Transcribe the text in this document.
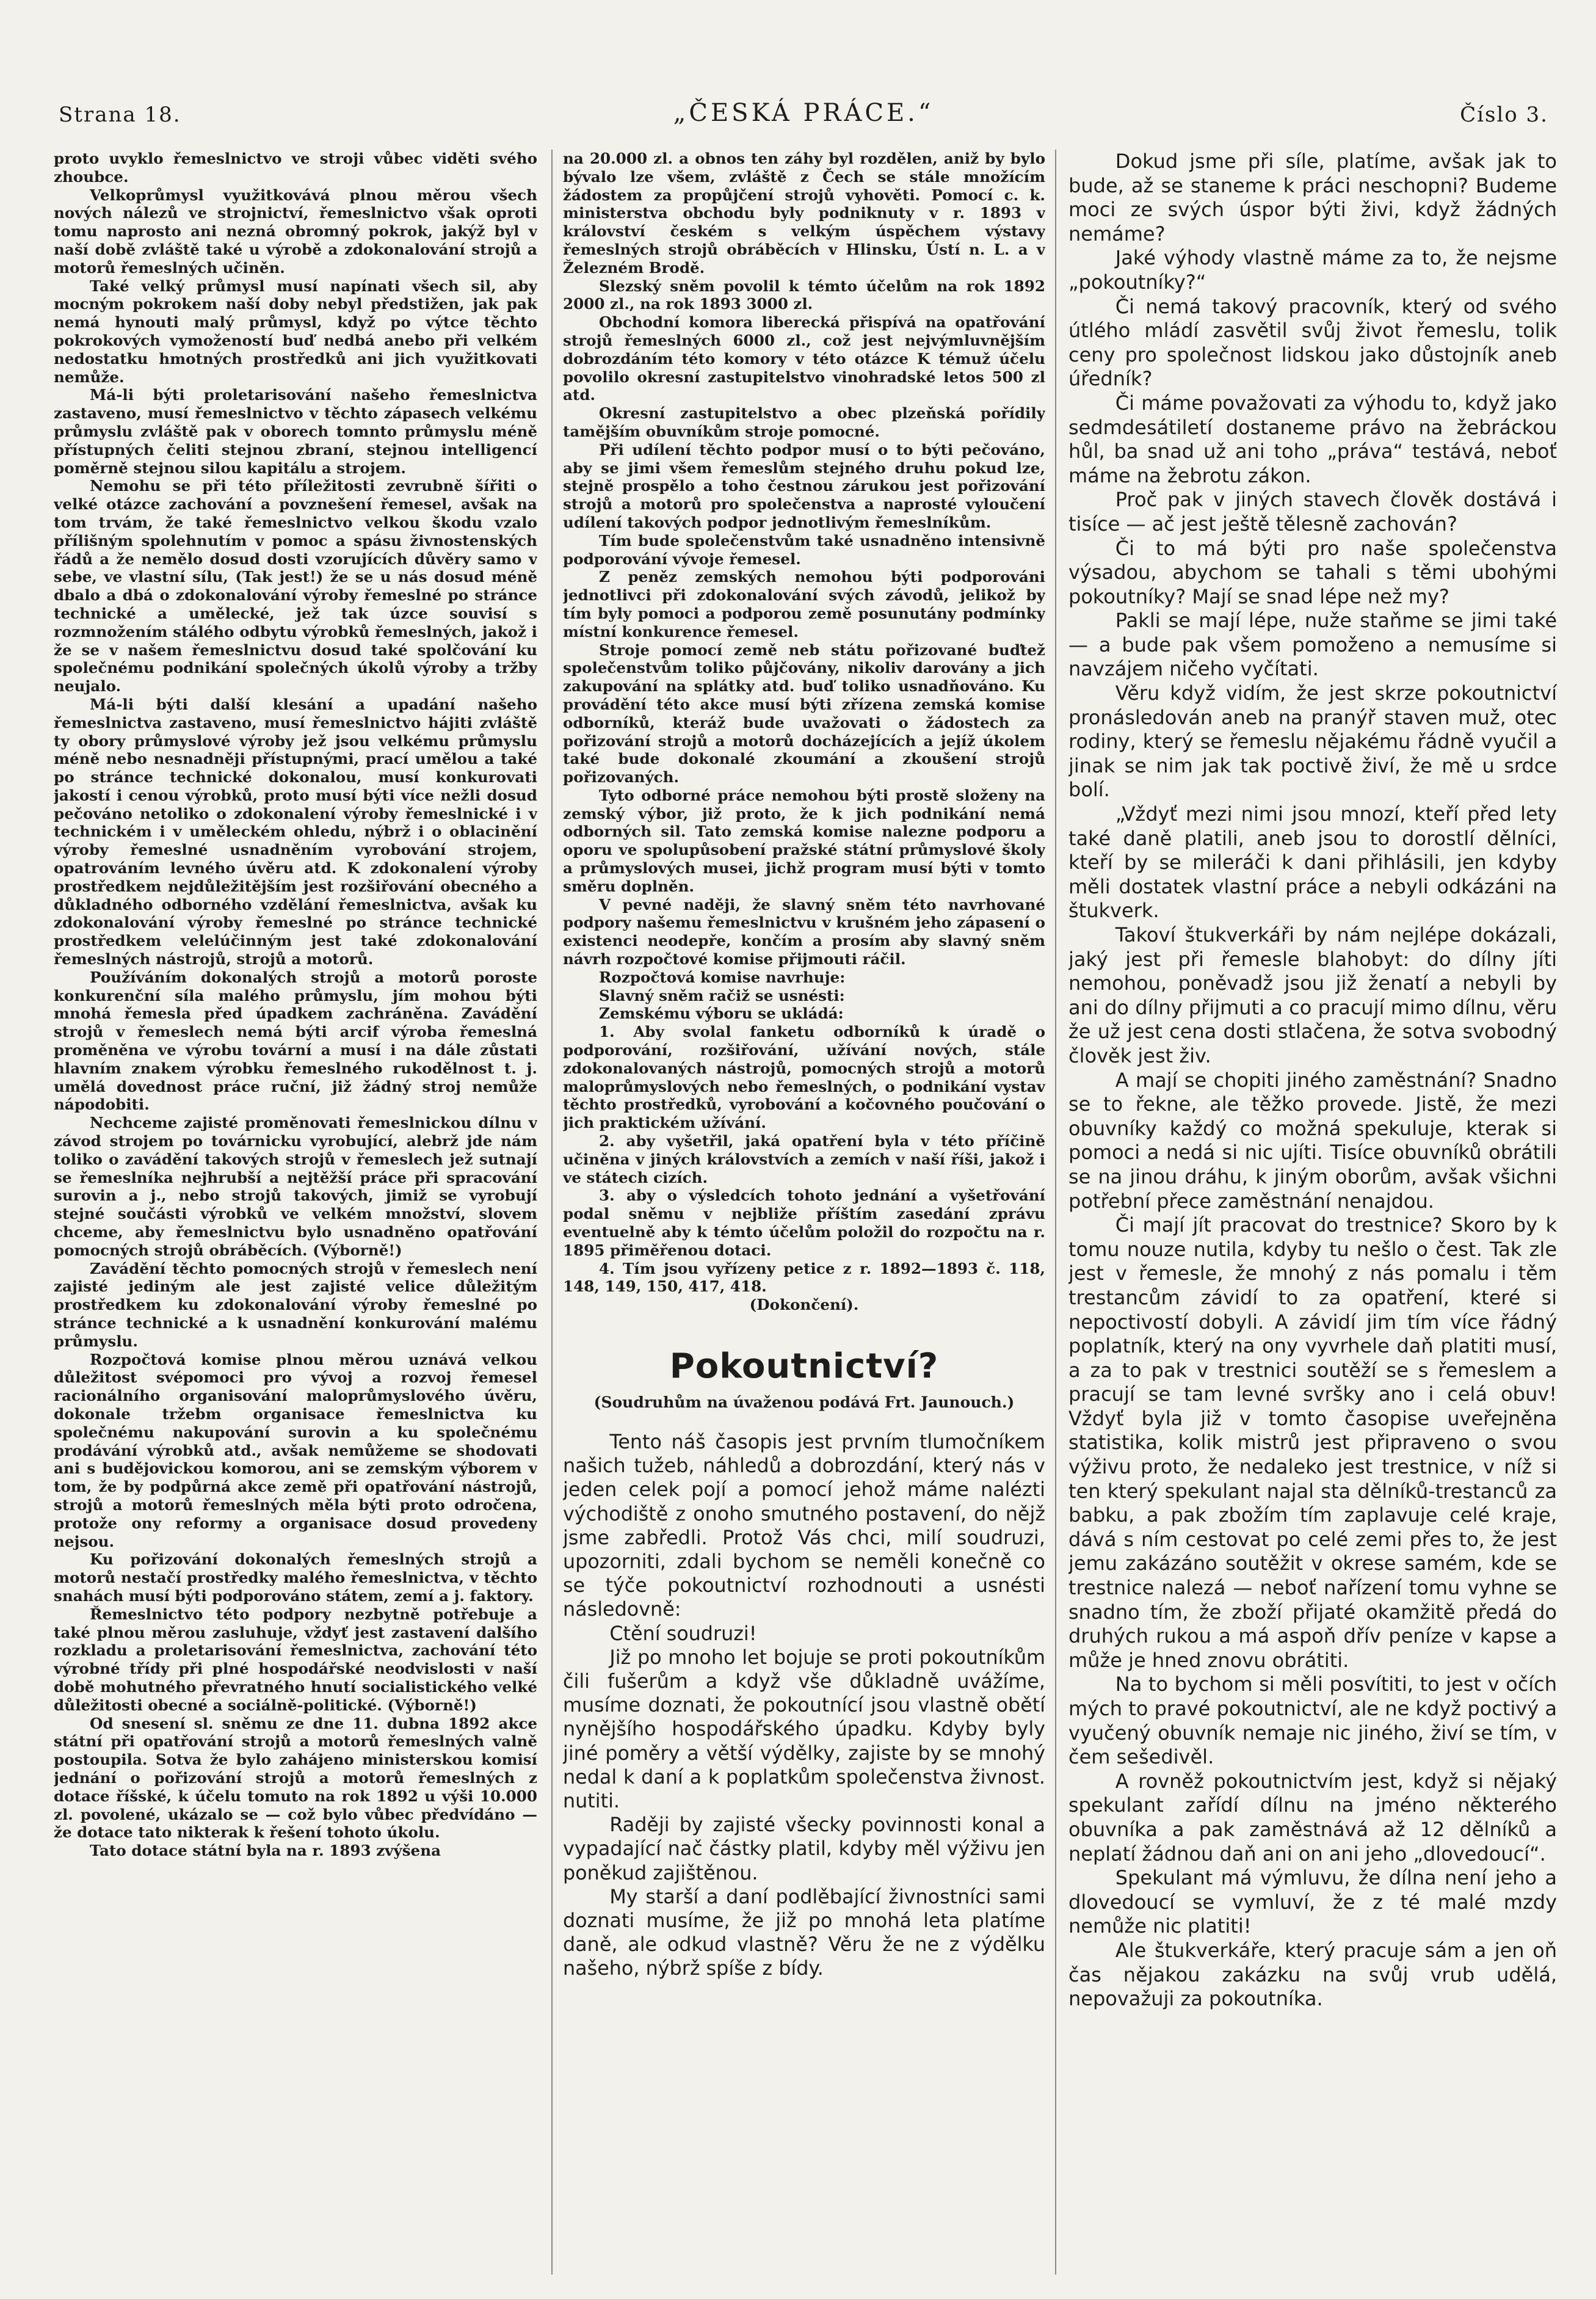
Strana 18.	„ČESKÁ PRÁCE.“	Číslo 3.

proto uvyklo řemeslnictvo ve stroji vůbec viděti svého zhoubce.

Velkoprůmysl využitkovává plnou měrou všech nových nálezů ve strojnictví, řemeslnictvo však oproti tomu naprosto ani nezná obromný pokrok, jakýž byl v naší době zvláště také u výrobě a zdokonalování strojů a motorů řemeslných učiněn.

Také velký průmysl musí napínati všech sil, aby mocným pokrokem naší doby nebyl předstižen, jak pak nemá hynouti malý průmysl, když po výtce těchto pokrokových vymožeností buď nedbá anebo při velkém nedostatku hmotných prostředků ani jich využitkovati nemůže.

Má-li býti proletarisování našeho řemeslnictva zastaveno, musí řemeslnictvo v těchto zápasech velkému průmyslu zvláště pak v oborech tomnto průmyslu méně přístupných čeliti stejnou zbraní, stejnou intelligencí poměrně stejnou silou kapitálu a strojem.

Nemohu se při této příležitosti zevrubně šířiti o velké otázce zachování a povznešení řemesel, avšak na tom trvám, že také řemeslnictvo velkou škodu vzalo přílišným spolehnutím v pomoc a spásu živnostenských řádů a že nemělo dosud dosti vzorujících důvěry samo v sebe, ve vlastní sílu, (Tak jest!) že se u nás dosud méně dbalo a dbá o zdokonalování výroby řemeslné po stránce technické a umělecké, jež tak úzce souvisí s rozmnožením stálého odbytu výrobků řemeslných, jakož i že se v našem řemeslnictvu dosud také spolčování ku společnému podnikání společných úkolů výroby a tržby neujalo.

Má-li býti další klesání a upadání našeho řemeslnictva zastaveno, musí řemeslnictvo hájiti zvláště ty obory průmyslové výroby jež jsou velkému průmyslu méně nebo nesnadněji přístupnými, prací umělou a také po stránce technické dokonalou, musí konkurovati jakostí i cenou výrobků, proto musí býti více nežli dosud pečováno netoliko o zdokonalení výroby řemeslnické i v technickém i v uměleckém ohledu, nýbrž i o oblacinění výroby řemeslné usnadněním vyrobování strojem, opatrováním levného úvěru atd. K zdokonalení výroby prostředkem nejdůležitějším jest rozšiřování obecného a důkladného odborného vzdělání řemeslnictva, avšak ku zdokonalování výroby řemeslné po stránce technické prostředkem velelúčinným jest také zdokonalování řemeslných nástrojů, strojů a motorů.

Používáním dokonalých strojů a motorů poroste konkurenční síla malého průmyslu, jím mohou býti mnohá řemesla před úpadkem zachráněna. Zavádění strojů v řemeslech nemá býti arcif výroba řemeslná proměněna ve výrobu tovární a musí i na dále zůstati hlavním znakem výrobku řemeslného rukodělnost t. j. umělá dovednost práce ruční, již žádný stroj nemůže nápodobiti.

Nechceme zajisté proměnovati řemeslnickou dílnu v závod strojem po továrnicku vyrobující, alebrž jde nám toliko o zavádění takových strojů v řemeslech jež sutnají se řemeslníka nejhrubší a nejtěžší práce při spracování surovin a j., nebo strojů takových, jimiž se vyrobují stejné součásti výrobků ve velkém množství, slovem chceme, aby řemeslnictvu bylo usnadněno opatřování pomocných strojů obráběcích. (Výborně!)

Zavádění těchto pomocných strojů v řemeslech není zajisté jediným ale jest zajisté velice důležitým prostředkem ku zdokonalování výroby řemeslné po stránce technické a k usnadnění konkurování malému průmyslu.

Rozpočtová komise plnou měrou uznává velkou důležitost svépomoci pro vývoj a rozvoj řemesel racionálního organisování maloprůmyslového úvěru, dokonale tržebm organisace řemeslnictva ku společnému nakupování surovin a ku společnému prodávání výrobků atd., avšak nemůžeme se shodovati ani s budějovickou komorou, ani se zemským výborem v tom, že by podpůrná akce země při opatřování nástrojů, strojů a motorů řemeslných měla býti proto odročena, protože ony reformy a organisace dosud provedeny nejsou.

Ku pořizování dokonalých řemeslných strojů a motorů nestačí prostředky malého řemeslnictva, v těchto snahách musí býti podporováno státem, zemí a j. faktory.

Řemeslnictvo této podpory nezbytně potřebuje a také plnou měrou zasluhuje, vždyť jest zastavení dalšího rozkladu a proletarisování řemeslnictva, zachování této výrobné třídy při plné hospodářské neodvislosti v naší době mohutného převratného hnutí socialistického velké důležitosti obecné a sociálně-politické. (Výborně!)

Od snesení sl. sněmu ze dne 11. dubna 1892 akce státní při opatřování strojů a motorů řemeslných valně postoupila. Sotva že bylo zahájeno ministerskou komisí jednání o pořizování strojů a motorů řemeslných z dotace říšské, k účelu tomuto na rok 1892 u výši 10.000 zl. povolené, ukázalo se — což bylo vůbec předvídáno — že dotace tato nikterak k řešení tohoto úkolu.

Tato dotace státní byla na r. 1893 zvýšena

na 20.000 zl. a obnos ten záhy byl rozdělen, aniž by bylo bývalo lze všem, zvláště z Čech se stále množícím žádostem za propůjčení strojů vyhověti. Pomocí c. k. ministerstva obchodu byly podniknuty v r. 1893 v království českém s velkým úspěchem výstavy řemeslných strojů obráběcích v Hlinsku, Ústí n. L. a v Železném Brodě.

Slezský sněm povolil k témto účelům na rok 1892 2000 zl., na rok 1893 3000 zl.

Obchodní komora liberecká přispívá na opatřování strojů řemeslných 6000 zl., což jest nejvýmluvnějším dobrozdáním této komory v této otázce K témuž účelu povolilo okresní zastupitelstvo vinohradské letos 500 zl atd.

Okresní zastupitelstvo a obec plzeňská pořídily tamějším obuvníkům stroje pomocné.

Při udílení těchto podpor musí o to býti pečováno, aby se jimi všem řemeslům stejného druhu pokud lze, stejně prospělo a toho čestnou zárukou jest pořizování strojů a motorů pro společenstva a naprosté vyloučení udílení takových podpor jednotlivým řemeslníkům.

Tím bude společenstvům také usnadněno intensivně podporování vývoje řemesel.

Z peněz zemských nemohou býti podporováni jednotlivci při zdokonalování svých závodů, jelikož by tím byly pomoci a podporou země posunutány podmínky místní konkurence řemesel.

Stroje pomocí země neb státu pořizované buďtež společenstvům toliko půjčovány, nikoliv darovány a jich zakupování na splátky atd. buď toliko usnadňováno. Ku provádění této akce musí býti zřízena zemská komise odborníků, kteráž bude uvažovati o žádostech za pořizování strojů a motorů docházejících a jejíž úkolem také bude dokonalé zkoumání a zkoušení strojů pořizovaných.

Tyto odborné práce nemohou býti prostě složeny na zemský výbor, již proto, že k jich podnikání nemá odborných sil. Tato zemská komise nalezne podporu a oporu ve spolupůsobení pražské státní průmyslové školy a průmyslových musei, jichž program musí býti v tomto směru doplněn.

V pevné naději, že slavný sněm této navrhované podpory našemu řemeslnictvu v krušném jeho zápasení o existenci neodepře, končím a prosím aby slavný sněm návrh rozpočtové komise přijmouti ráčil.

Rozpočtová komise navrhuje:

Slavný sněm račiž se usnésti:

Zemskému výboru se ukládá:

1. Aby svolal fanketu odborníků k úradě o podporování, rozšiřování, užívání nových, stále zdokonalovaných nástrojů, pomocných strojů a motorů maloprůmyslových nebo řemeslných, o podnikání vystav těchto prostředků, vyrobování a kočovného poučování o jich praktickém užívání.

2. aby vyšetřil, jaká opatření byla v této příčině učiněna v jiných královstvích a zemích v naší říši, jakož i ve státech cizích.

3. aby o výsledcích tohoto jednání a vyšetřování podal sněmu v nejbliže příštím zasedání zprávu eventuelně aby k témto účelům položil do rozpočtu na r. 1895 přiměřenou dotaci.

4. Tím jsou vyřízeny petice z r. 1892—1893 č. 118, 148, 149, 150, 417, 418.

(Dokončení).

Pokoutnictví?
(Soudruhům na úvaženou podává Frt. Jaunouch.)

Tento náš časopis jest prvním tlumočníkem našich tužeb, náhledů a dobrozdání, který nás v jeden celek pojí a pomocí jehož máme nalézti východiště z onoho smutného postavení, do nějž jsme zabředli. Protož Vás chci, milí soudruzi, upozorniti, zdali bychom se neměli konečně co se týče pokoutnictví rozhodnouti a usnésti následovně:

Ctění soudruzi!

Již po mnoho let bojuje se proti pokoutníkům čili fušerům a když vše důkladně uvážíme, musíme doznati, že pokoutnící jsou vlastně obětí nynějšího hospodářského úpadku. Kdyby byly jiné poměry a větší výdělky, zajiste by se mnohý nedal k daní a k poplatkům společenstva živnost. nutiti.

Raději by zajisté všecky povinnosti konal a vypadající nač částky platil, kdyby měl výživu jen poněkud zajištěnou.

My starší a daní podlěbající živnostníci sami doznati musíme, že již po mnohá leta platíme daně, ale odkud vlastně? Věru že ne z výdělku našeho, nýbrž spíše z bídy.

Dokud jsme při síle, platíme, avšak jak to bude, až se staneme k práci neschopni? Budeme moci ze svých úspor býti živi, když žádných nemáme?

Jaké výhody vlastně máme za to, že nejsme „pokoutníky?“

Či nemá takový pracovník, který od svého útlého mládí zasvětil svůj život řemeslu, tolik ceny pro společnost lidskou jako důstojník aneb úředník?

Či máme považovati za výhodu to, když jako sedmdesátiletí dostaneme právo na žebráckou hůl, ba snad už ani toho „práva“ testává, neboť máme na žebrotu zákon.

Proč pak v jiných stavech člověk dostává i tisíce — ač jest ještě tělesně zachován?

Či to má býti pro naše společenstva výsadou, abychom se tahali s těmi ubohými pokoutníky? Mají se snad lépe než my?

Pakli se mají lépe, nuže staňme se jimi také — a bude pak všem pomoženo a nemusíme si navzájem ničeho vyčítati.

Věru když vidím, že jest skrze pokoutnictví pronásledován aneb na pranýř staven muž, otec rodiny, který se řemeslu nějakému řádně vyučil a jinak se nim jak tak poctivě živí, že mě u srdce bolí.

„Vždyť mezi nimi jsou mnozí, kteří před lety také daně platili, aneb jsou to dorostlí dělníci, kteří by se mileráči k dani přihlásili, jen kdyby měli dostatek vlastní práce a nebyli odkázáni na štukverk.

Takoví štukverkáři by nám nejlépe dokázali, jaký jest při řemesle blahobyt: do dílny jíti nemohou, poněvadž jsou již ženatí a nebyli by ani do dílny přijmuti a co pracují mimo dílnu, věru že už jest cena dosti stlačena, že sotva svobodný člověk jest živ.

A mají se chopiti jiného zaměstnání? Snadno se to řekne, ale těžko provede. Jistě, že mezi obuvníky každý co možná spekuluje, kterak si pomoci a nedá si nic ujíti. Tisíce obuvníků obrátili se na jinou dráhu, k jiným oborům, avšak všichni potřební přece zaměstnání nenajdou.

Či mají jít pracovat do trestnice? Skoro by k tomu nouze nutila, kdyby tu nešlo o čest. Tak zle jest v řemesle, že mnohý z nás pomalu i těm trestancům závidí to za opatření, které si nepoctivostí dobyli. A závidí jim tím více řádný poplatník, který na ony vyvrhele daň platiti musí, a za to pak v trestnici soutěží se s řemeslem a pracují se tam levné svršky ano i celá obuv! Vždyť byla již v tomto časopise uveřejněna statistika, kolik mistrů jest připraveno o svou výživu proto, že nedaleko jest trestnice, v níž si ten který spekulant najal sta dělníků-trestanců za babku, a pak zbožím tím zaplavuje celé kraje, dává s ním cestovat po celé zemi přes to, že jest jemu zakázáno soutěžit v okrese samém, kde se trestnice nalezá — neboť nařízení tomu vyhne se snadno tím, že zboží přijaté okamžitě předá do druhých rukou a má aspoň dřív peníze v kapse a může je hned znovu obrátiti.

Na to bychom si měli posvítiti, to jest v očích mých to pravé pokoutnictví, ale ne když poctivý a vyučený obuvník nemaje nic jiného, živí se tím, v čem sešedivěl.

A rovněž pokoutnictvím jest, když si nějaký spekulant zařídí dílnu na jméno některého obuvníka a pak zaměstnává až 12 dělníků a neplatí žádnou daň ani on ani jeho „dlovedoucí“.

Spekulant má výmluvu, že dílna není jeho a dlovedoucí se vymluví, že z té malé mzdy nemůže nic platiti!

Ale štukverkáře, který pracuje sám a jen oň čas nějakou zakázku na svůj vrub udělá, nepovažuji za pokoutníka.
